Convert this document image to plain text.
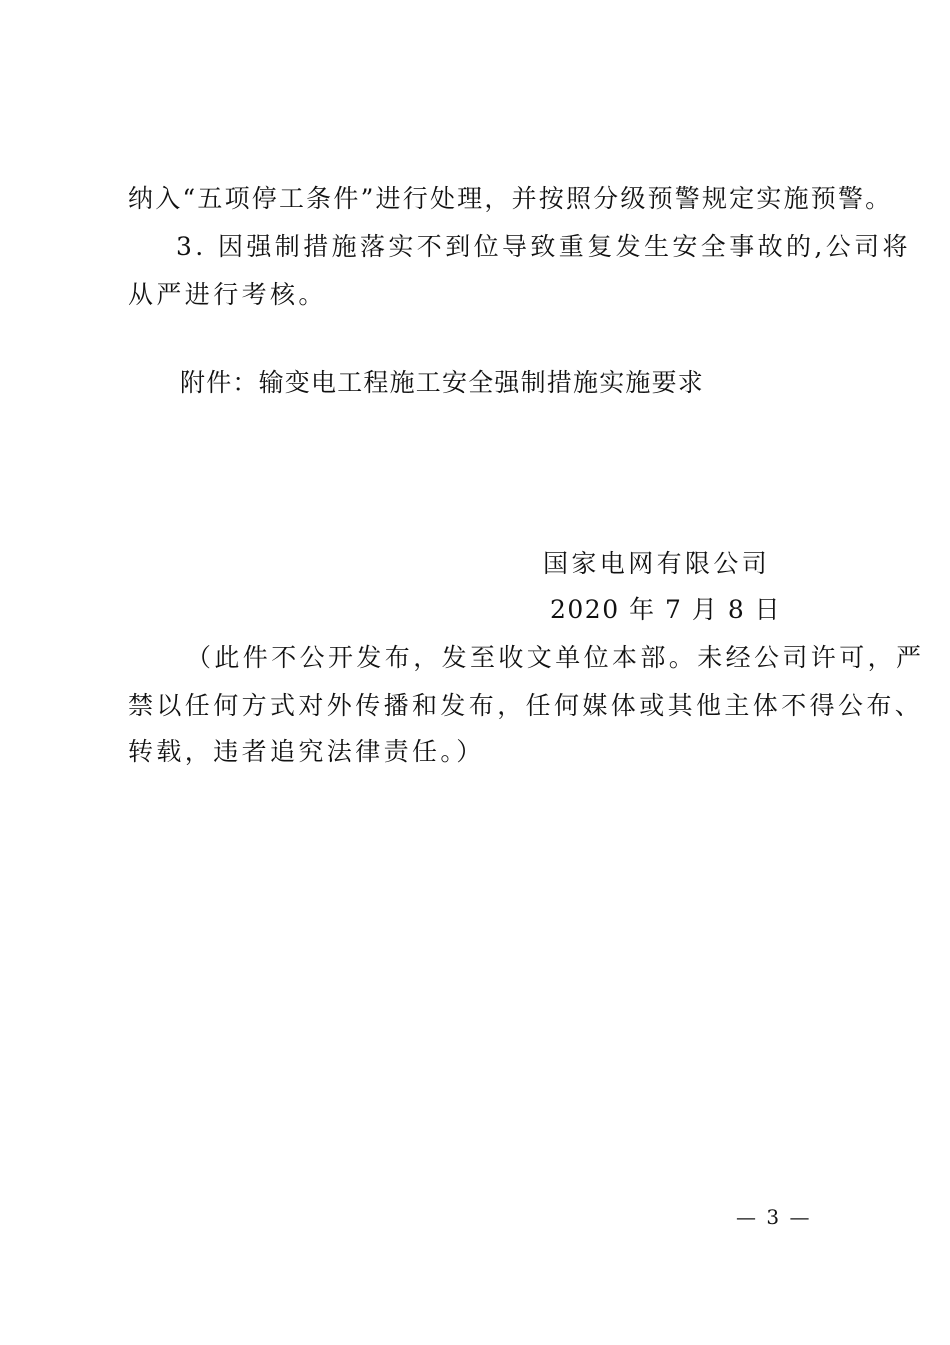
纳入“五项停工条件”进行处理，并按照分级预警规定实施预警。
3. 因强制措施落实不到位导致重复发生安全事故的,公司将
从严进行考核。
附件：输变电工程施工安全强制措施实施要求
国家电网有限公司
2020 年 7 月 8 日
（此件不公开发布，发至收文单位本部。未经公司许可，严
禁以任何方式对外传播和发布，任何媒体或其他主体不得公布、
转载，违者追究法律责任。）
— 3 —
